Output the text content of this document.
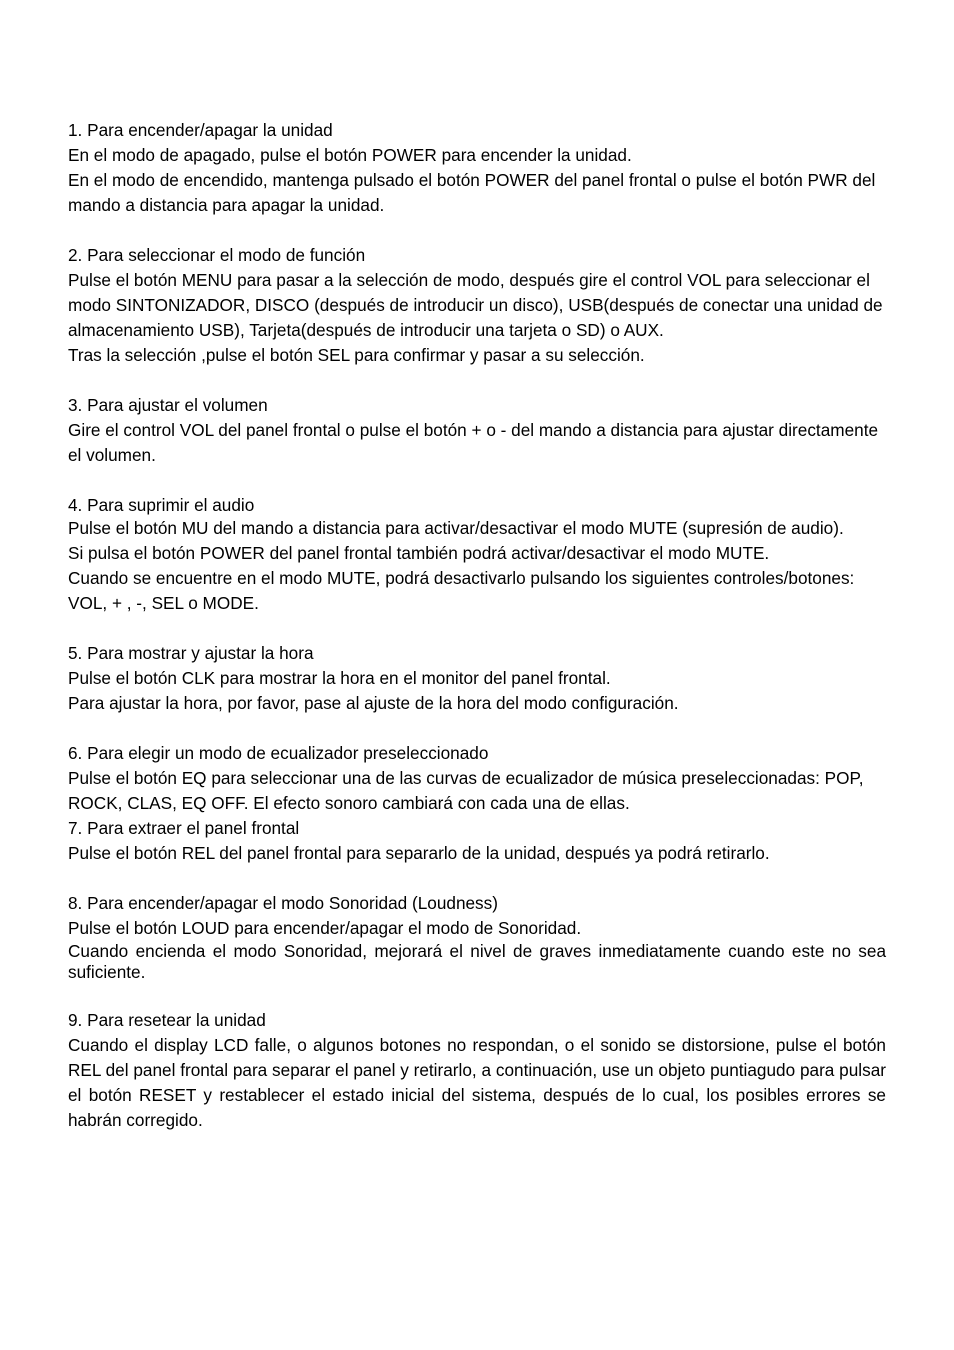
1. Para encender/apagar la unidad
En el modo de apagado, pulse el botón POWER para encender la unidad.
En el modo de encendido, mantenga pulsado el botón POWER del panel frontal o pulse el botón PWR del mando a distancia para apagar la unidad.
2. Para seleccionar el modo de función
Pulse el botón MENU para pasar a la selección de modo, después gire el control VOL para seleccionar el modo SINTONIZADOR, DISCO (después de introducir un disco), USB(después de conectar una unidad de almacenamiento USB), Tarjeta(después de introducir una tarjeta o SD) o AUX.
Tras la selección ,pulse el botón SEL para confirmar y pasar a su selección.
3. Para ajustar el volumen
Gire el control VOL del panel frontal o pulse el botón + o - del mando a distancia para ajustar directamente el volumen.
4. Para suprimir el audio
Pulse el botón MU del mando a distancia para activar/desactivar el modo MUTE (supresión de audio).
Si pulsa el botón POWER del panel frontal también podrá activar/desactivar el modo MUTE.
Cuando se encuentre en el modo MUTE, podrá desactivarlo pulsando los siguientes controles/botones: VOL, + , -, SEL o MODE.
5. Para mostrar y ajustar la hora
Pulse el botón CLK para mostrar la hora en el monitor del panel frontal.
Para ajustar la hora, por favor, pase al ajuste de la hora del modo configuración.
6. Para elegir un modo de ecualizador preseleccionado
Pulse el botón EQ para seleccionar una de las curvas de ecualizador de música preseleccionadas: POP, ROCK, CLAS, EQ OFF. El efecto sonoro cambiará con cada una de ellas.
7. Para extraer el panel frontal
Pulse el botón REL del panel frontal para separarlo de la unidad, después ya podrá retirarlo.
8. Para encender/apagar el modo Sonoridad (Loudness)
Pulse el botón LOUD para encender/apagar el modo de Sonoridad.
Cuando encienda el modo Sonoridad, mejorará el nivel de graves inmediatamente cuando este no sea suficiente.
9. Para resetear la unidad
Cuando el display LCD falle, o algunos botones no respondan, o el sonido se distorsione, pulse el botón REL del panel frontal para separar el panel y retirarlo, a continuación, use un objeto puntiagudo para pulsar el botón RESET y restablecer el estado inicial del sistema, después de lo cual, los posibles errores se habrán corregido.
